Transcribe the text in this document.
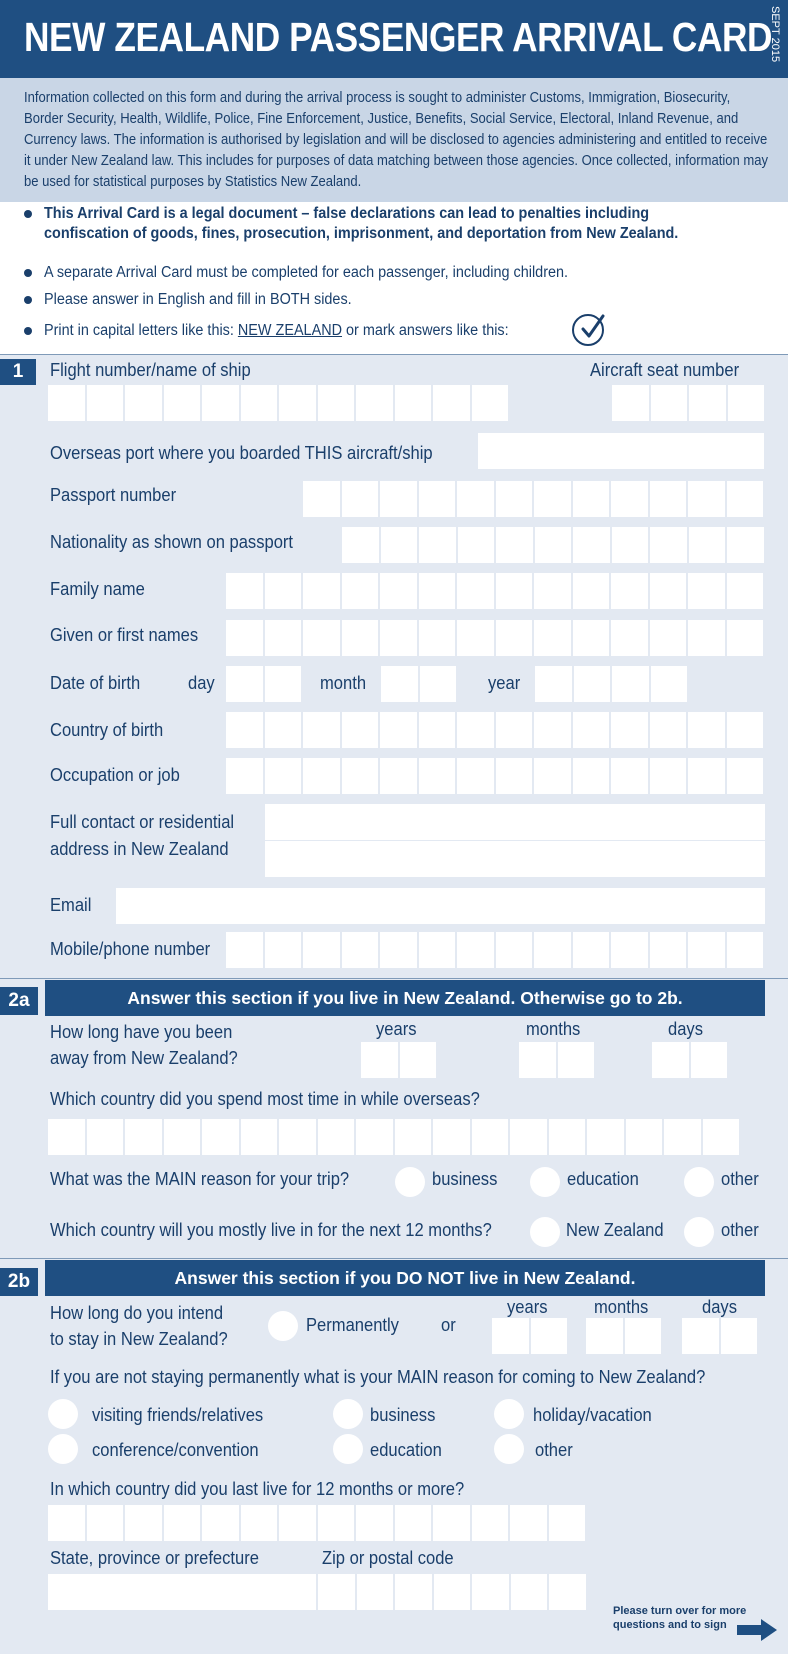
NEW ZEALAND PASSENGER ARRIVAL CARD
SEPT 2015
Information collected on this form and during the arrival process is sought to administer Customs, Immigration, Biosecurity, Border Security, Health, Wildlife, Police, Fine Enforcement, Justice, Benefits, Social Service, Electoral, Inland Revenue, and Currency laws. The information is authorised by legislation and will be disclosed to agencies administering and entitled to receive it under New Zealand law. This includes for purposes of data matching between those agencies. Once collected, information may be used for statistical purposes by Statistics New Zealand.
This Arrival Card is a legal document – false declarations can lead to penalties including
confiscation of goods, fines, prosecution, imprisonment, and deportation from New Zealand.
A separate Arrival Card must be completed for each passenger, including children.
Please answer in English and fill in BOTH sides.
Print in capital letters like this: NEW ZEALAND or mark answers like this:
1	Flight number/name of ship	Aircraft seat number
Overseas port where you boarded THIS aircraft/ship
Passport number
Nationality as shown on passport
Family name
Given or first names
Date of birth	day	month	year
Country of birth
Occupation or job
Full contact or residential
address in New Zealand
Email
Mobile/phone number
2a	Answer this section if you live in New Zealand. Otherwise go to 2b.
How long have you been
away from New Zealand?
years	months	days
Which country did you spend most time in while overseas?
What was the MAIN reason for your trip?	business	education	other
Which country will you mostly live in for the next 12 months?	New Zealand	other
2b	Answer this section if you DO NOT live in New Zealand.
How long do you intend
to stay in New Zealand?
Permanently or
years	months	days
If you are not staying permanently what is your MAIN reason for coming to New Zealand?
visiting friends/relatives	business	holiday/vacation
conference/convention	education	other
In which country did you last live for 12 months or more?
State, province or prefecture	Zip or postal code
Please turn over for more
questions and to sign
